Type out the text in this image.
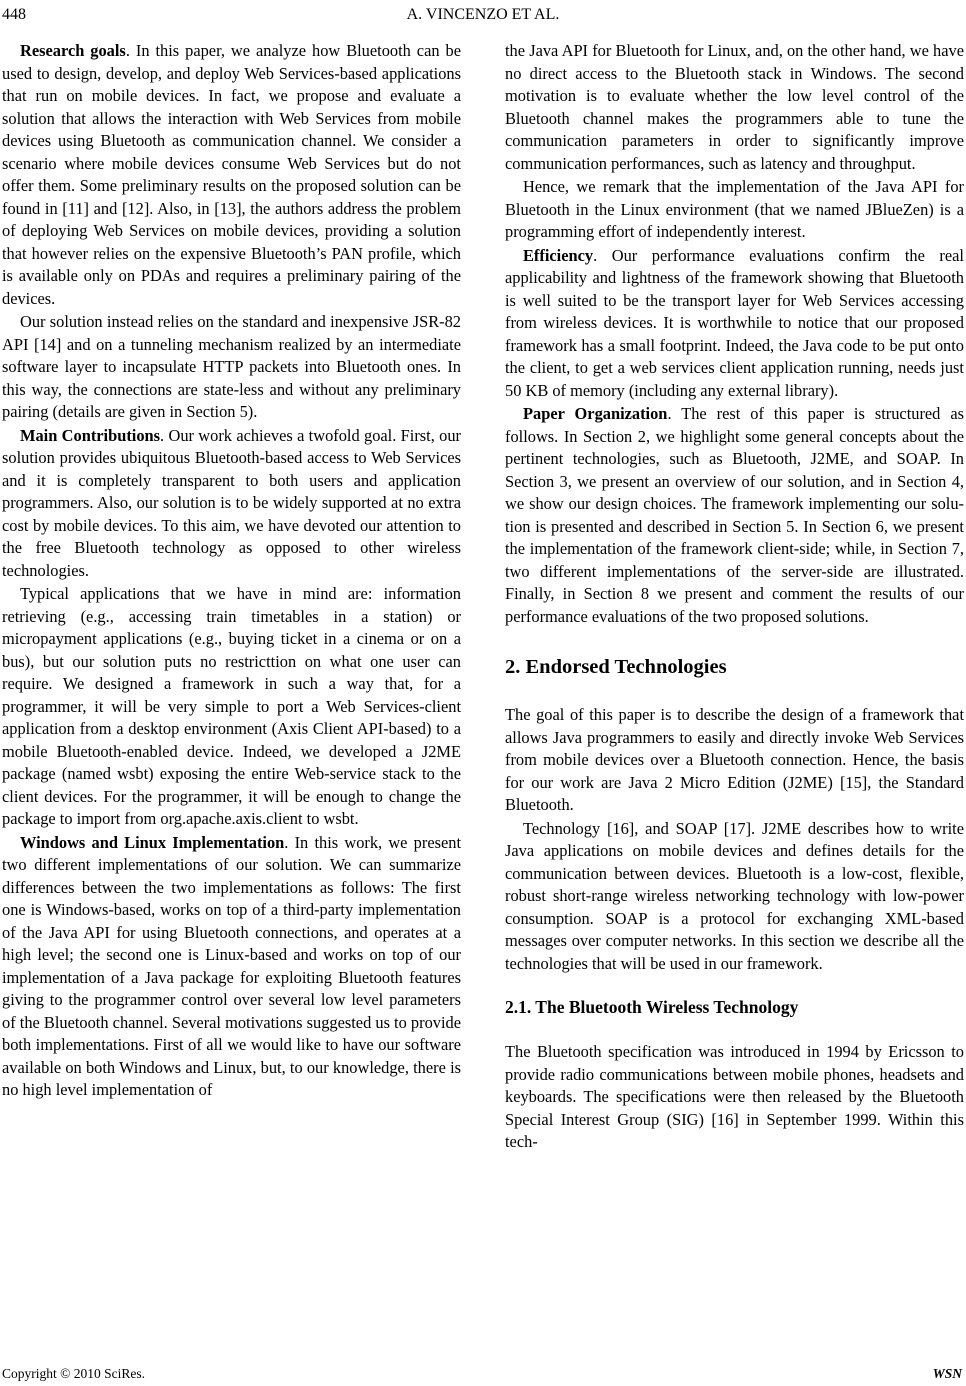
448	A. VINCENZO ET AL.

Research goals. In this paper, we analyze how Bluetooth can be used to design, develop, and deploy Web Services-based applications that run on mobile devices. In fact, we propose and evaluate a solution that allows the interaction with Web Services from mobile devices using Bluetooth as communication channel. We consider a scenario where mobile devices consume Web Services but do not offer them. Some preliminary results on the proposed solution can be found in [11] and [12]. Also, in [13], the authors address the problem of deploying Web Services on mobile devices, providing a solution that however relies on the expensive Bluetooth’s PAN profile, which is available only on PDAs and requires a preliminary pairing of the devices.

Our solution instead relies on the standard and inexpensive JSR-82 API [14] and on a tunneling mechanism realized by an intermediate software layer to incapsulate HTTP packets into Bluetooth ones. In this way, the connections are state-less and without any preliminary pairing (details are given in Section 5).

Main Contributions. Our work achieves a twofold goal. First, our solution provides ubiquitous Bluetooth-based access to Web Services and it is completely transparent to both users and application programmers. Also, our solution is to be widely supported at no extra cost by mobile devices. To this aim, we have devoted our attention to the free Bluetooth technology as opposed to other wireless technologies.

Typical applications that we have in mind are: information retrieving (e.g., accessing train timetables in a station) or micropayment applications (e.g., buying ticket in a cinema or on a bus), but our solution puts no restricttion on what one user can require. We designed a framework in such a way that, for a programmer, it will be very simple to port a Web Services-client application from a desktop environment (Axis Client API-based) to a mobile Bluetooth-enabled device. Indeed, we developed a J2ME package (named wsbt) exposing the entire Web-service stack to the client devices. For the programmer, it will be enough to change the package to import from org.apache.axis.client to wsbt.

Windows and Linux Implementation. In this work, we present two different implementations of our solution. We can summarize differences between the two implementations as follows: The first one is Windows-based, works on top of a third-party implementation of the Java API for using Bluetooth connections, and operates at a high level; the second one is Linux-based and works on top of our implementation of a Java package for exploiting Bluetooth features giving to the programmer control over several low level parameters of the Bluetooth channel. Several motivations suggested us to provide both implementations. First of all we would like to have our software available on both Windows and Linux, but, to our knowledge, there is no high level implementation of

the Java API for Bluetooth for Linux, and, on the other hand, we have no direct access to the Bluetooth stack in Windows. The second motivation is to evaluate whether the low level control of the Bluetooth channel makes the programmers able to tune the communication parameters in order to significantly improve communication performances, such as latency and throughput.

Hence, we remark that the implementation of the Java API for Bluetooth in the Linux environment (that we named JBlueZen) is a programming effort of independently interest.

Efficiency. Our performance evaluations confirm the real applicability and lightness of the framework showing that Bluetooth is well suited to be the transport layer for Web Services accessing from wireless devices. It is worthwhile to notice that our proposed framework has a small footprint. Indeed, the Java code to be put onto the client, to get a web services client application running, needs just 50 KB of memory (including any external library).

Paper Organization. The rest of this paper is structured as follows. In Section 2, we highlight some general concepts about the pertinent technologies, such as Bluetooth, J2ME, and SOAP. In Section 3, we present an overview of our solution, and in Section 4, we show our design choices. The framework implementing our solution is presented and described in Section 5. In Section 6, we present the implementation of the framework client-side; while, in Section 7, two different implementations of the server-side are illustrated. Finally, in Section 8 we present and comment the results of our performance evaluations of the two proposed solutions.

2. Endorsed Technologies

The goal of this paper is to describe the design of a framework that allows Java programmers to easily and directly invoke Web Services from mobile devices over a Bluetooth connection. Hence, the basis for our work are Java 2 Micro Edition (J2ME) [15], the Standard Bluetooth.

Technology [16], and SOAP [17]. J2ME describes how to write Java applications on mobile devices and defines details for the communication between devices. Bluetooth is a low-cost, flexible, robust short-range wireless networking technology with low-power consumption. SOAP is a protocol for exchanging XML-based messages over computer networks. In this section we describe all the technologies that will be used in our framework.

2.1. The Bluetooth Wireless Technology

The Bluetooth specification was introduced in 1994 by Ericsson to provide radio communications between mobile phones, headsets and keyboards. The specifications were then released by the Bluetooth Special Interest Group (SIG) [16] in September 1999. Within this tech-

Copyright © 2010 SciRes.	WSN
